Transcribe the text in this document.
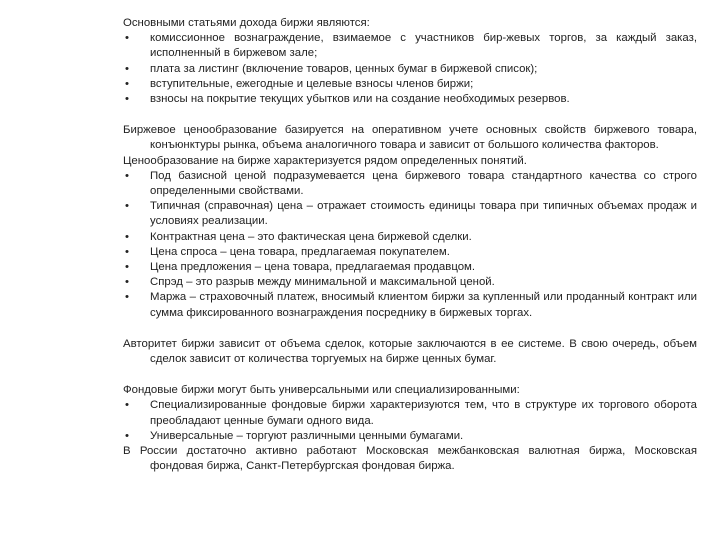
Основными статьями дохода биржи являются:
• комиссионное вознаграждение, взимаемое с участников бир-жевых торгов, за каждый заказ, исполненный в биржевом зале;
• плата за листинг (включение товаров, ценных бумаг в биржевой список);
• вступительные, ежегодные и целевые взносы членов биржи;
• взносы на покрытие текущих убытков или на создание необходимых резервов.
Биржевое ценообразование базируется на оперативном учете основных свойств биржевого товара, конъюнктуры рынка, объема аналогичного товара и зависит от большого количества факторов.
Ценообразование на бирже характеризуется рядом определенных понятий.
• Под базисной ценой подразумевается цена биржевого товара стандартного качества со строго определенными свойствами.
• Типичная (справочная) цена – отражает стоимость единицы товара при типичных объемах продаж и условиях реализации.
• Контрактная цена – это фактическая цена биржевой сделки.
• Цена спроса – цена товара, предлагаемая покупателем.
• Цена предложения – цена товара, предлагаемая продавцом.
• Спрэд – это разрыв между минимальной и максимальной ценой.
• Маржа – страховочный платеж, вносимый клиентом биржи за купленный или проданный контракт или сумма фиксированного вознаграждения посреднику в биржевых торгах.
Авторитет биржи зависит от объема сделок, которые заключаются в ее системе. В свою очередь, объем сделок зависит от количества торгуемых на бирже ценных бумаг.
Фондовые биржи могут быть универсальными или специализированными:
• Специализированные фондовые биржи характеризуются тем, что в структуре их торгового оборота преобладают ценные бумаги одного вида.
• Универсальные – торгуют различными ценными бумагами.
В России достаточно активно работают Московская межбанковская валютная биржа, Московская фондовая биржа, Санкт-Петербургская фондовая биржа.
